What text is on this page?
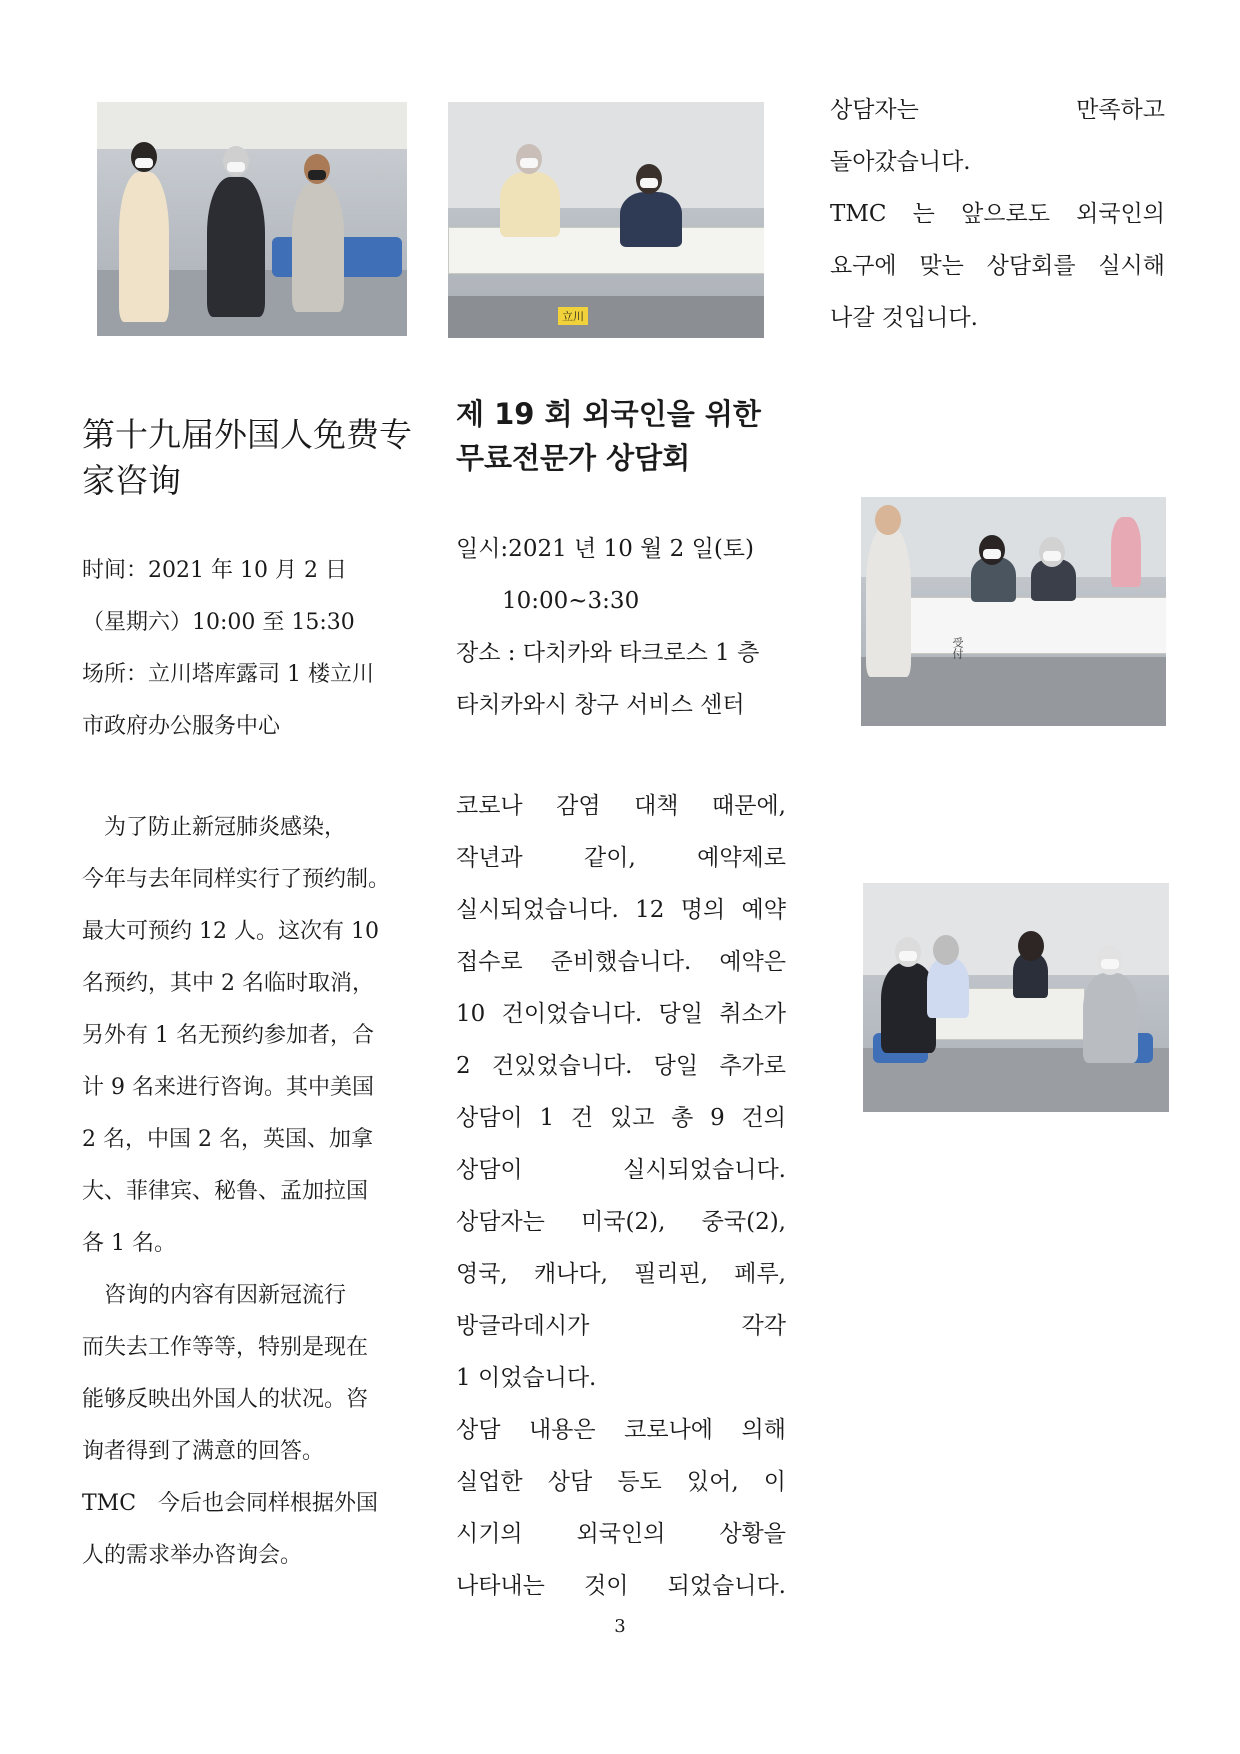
立川
受付

상담자는　　　　　만족하고

돌아갔습니다.

TMC 는 앞으로도 외국인의

요구에 맞는 상담회를 실시해

나갈 것입니다.

第十九届外国人免费专家咨询

时间：2021 年 10 月 2 日

（星期六）10:00 至 15:30

场所：立川塔库露司 1 楼立川

市政府办公服务中心

　为了防止新冠肺炎感染，

今年与去年同样实行了预约制。

最大可预约 12 人。这次有 10

名预约，其中 2 名临时取消，

另外有 1 名无预约参加者，合

计 9 名来进行咨询。其中美国

2 名，中国 2 名，英国、加拿

大、菲律宾、秘鲁、孟加拉国

各 1 名。

　咨询的内容有因新冠流行

而失去工作等等，特别是现在

能够反映出外国人的状况。咨

询者得到了满意的回答。

TMC　今后也会同样根据外国

人的需求举办咨询会。

제 19 회 외국인을 위한

무료전문가 상담회

일시:2021 년 10 월 2 일(토)

　　10:00~3:30

장소 : 다치카와 타크로스 1 층

타치카와시 창구 서비스 센터

코로나 감염 대책 때문에,

작년과 같이, 예약제로

실시되었습니다. 12 명의 예약

접수로 준비했습니다. 예약은

10 건이었습니다. 당일 취소가

2 건있었습니다. 당일 추가로

상담이 1 건 있고 총 9 건의

상담이　　실시되었습니다.

상담자는 미국(2), 중국(2),

영국, 캐나다, 필리핀, 페루,

방글라데시가　　　　각각

1 이었습니다.

상담 내용은 코로나에 의해

실업한 상담 등도 있어, 이

시기의 외국인의 상황을

나타내는 것이 되었습니다.

3
